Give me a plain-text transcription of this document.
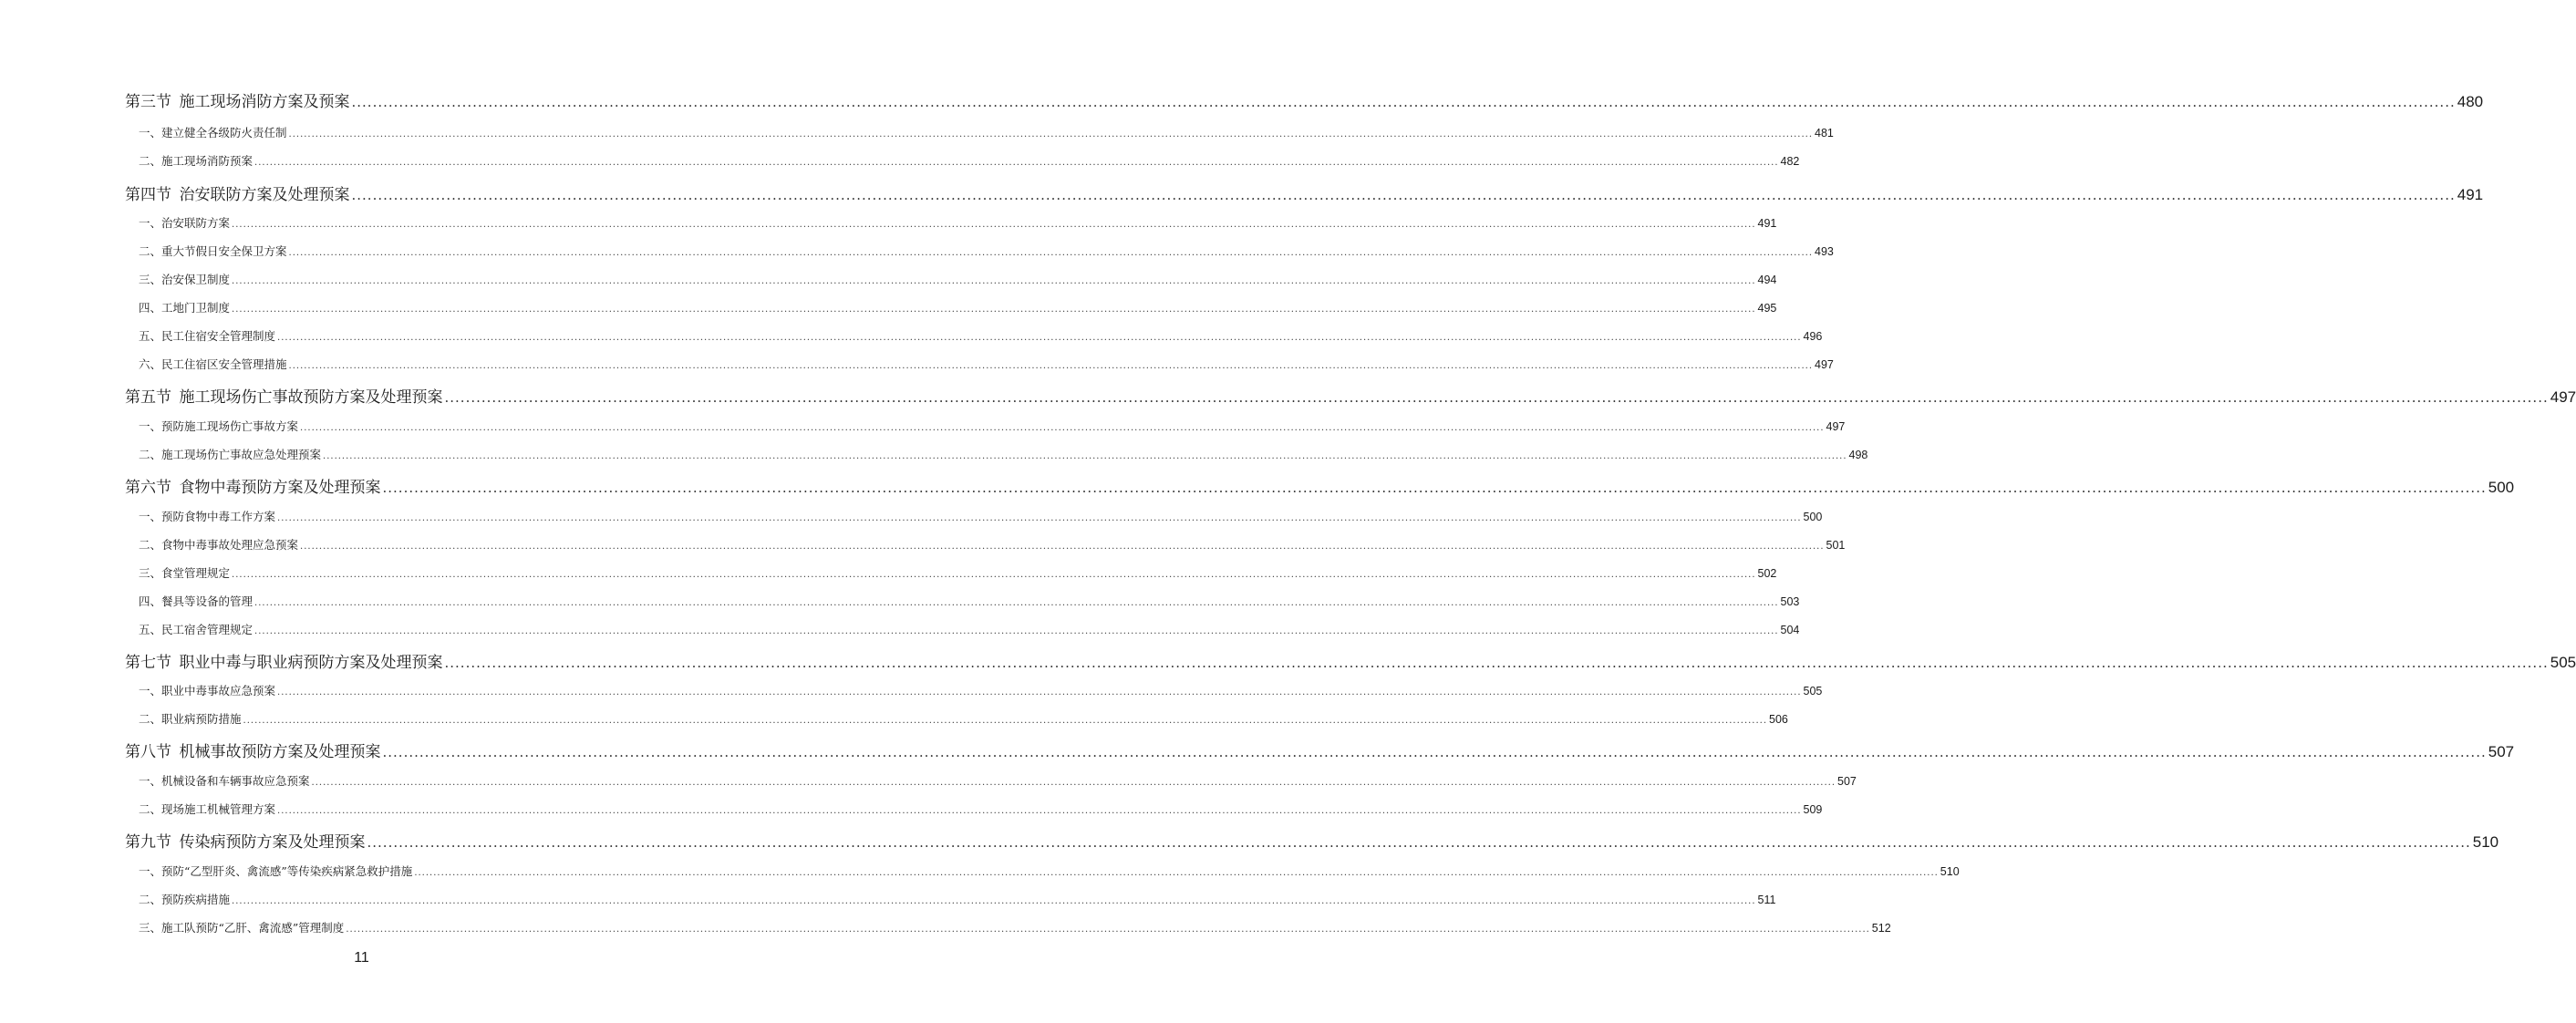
第三节  施工现场消防方案及预案 ................................................................................................................................................................................................................................................................................................................................................................................................................ 480
一、建立健全各级防火责任制 ................................................................................................................................................................................................................................................................................................................................................................................................................ 481
二、施工现场消防预案 ................................................................................................................................................................................................................................................................................................................................................................................................................ 482
第四节  治安联防方案及处理预案 ................................................................................................................................................................................................................................................................................................................................................................................................................ 491
一、治安联防方案 ................................................................................................................................................................................................................................................................................................................................................................................................................ 491
二、重大节假日安全保卫方案 ................................................................................................................................................................................................................................................................................................................................................................................................................ 493
三、治安保卫制度 ................................................................................................................................................................................................................................................................................................................................................................................................................ 494
四、工地门卫制度 ................................................................................................................................................................................................................................................................................................................................................................................................................ 495
五、民工住宿安全管理制度 ................................................................................................................................................................................................................................................................................................................................................................................................................ 496
六、民工住宿区安全管理措施 ................................................................................................................................................................................................................................................................................................................................................................................................................ 497
第五节  施工现场伤亡事故预防方案及处理预案 ................................................................................................................................................................................................................................................................................................................................................................................................................ 497
一、预防施工现场伤亡事故方案 ................................................................................................................................................................................................................................................................................................................................................................................................................ 497
二、施工现场伤亡事故应急处理预案 ................................................................................................................................................................................................................................................................................................................................................................................................................ 498
第六节  食物中毒预防方案及处理预案 ................................................................................................................................................................................................................................................................................................................................................................................................................ 500
一、预防食物中毒工作方案 ................................................................................................................................................................................................................................................................................................................................................................................................................ 500
二、食物中毒事故处理应急预案 ................................................................................................................................................................................................................................................................................................................................................................................................................ 501
三、食堂管理规定 ................................................................................................................................................................................................................................................................................................................................................................................................................ 502
四、餐具等设备的管理 ................................................................................................................................................................................................................................................................................................................................................................................................................ 503
五、民工宿舍管理规定 ................................................................................................................................................................................................................................................................................................................................................................................................................ 504
第七节  职业中毒与职业病预防方案及处理预案 ................................................................................................................................................................................................................................................................................................................................................................................................................ 505
一、职业中毒事故应急预案 ................................................................................................................................................................................................................................................................................................................................................................................................................ 505
二、职业病预防措施 ................................................................................................................................................................................................................................................................................................................................................................................................................ 506
第八节  机械事故预防方案及处理预案 ................................................................................................................................................................................................................................................................................................................................................................................................................ 507
一、机械设备和车辆事故应急预案 ................................................................................................................................................................................................................................................................................................................................................................................................................ 507
二、现场施工机械管理方案 ................................................................................................................................................................................................................................................................................................................................................................................................................ 509
第九节  传染病预防方案及处理预案 ................................................................................................................................................................................................................................................................................................................................................................................................................ 510
一、预防“乙型肝炎、禽流感”等传染疾病紧急救护措施 ................................................................................................................................................................................................................................................................................................................................................................................................................ 510
二、预防疾病措施 ................................................................................................................................................................................................................................................................................................................................................................................................................ 511
三、施工队预防“乙肝、禽流感”管理制度 ................................................................................................................................................................................................................................................................................................................................................................................................................ 512
11
